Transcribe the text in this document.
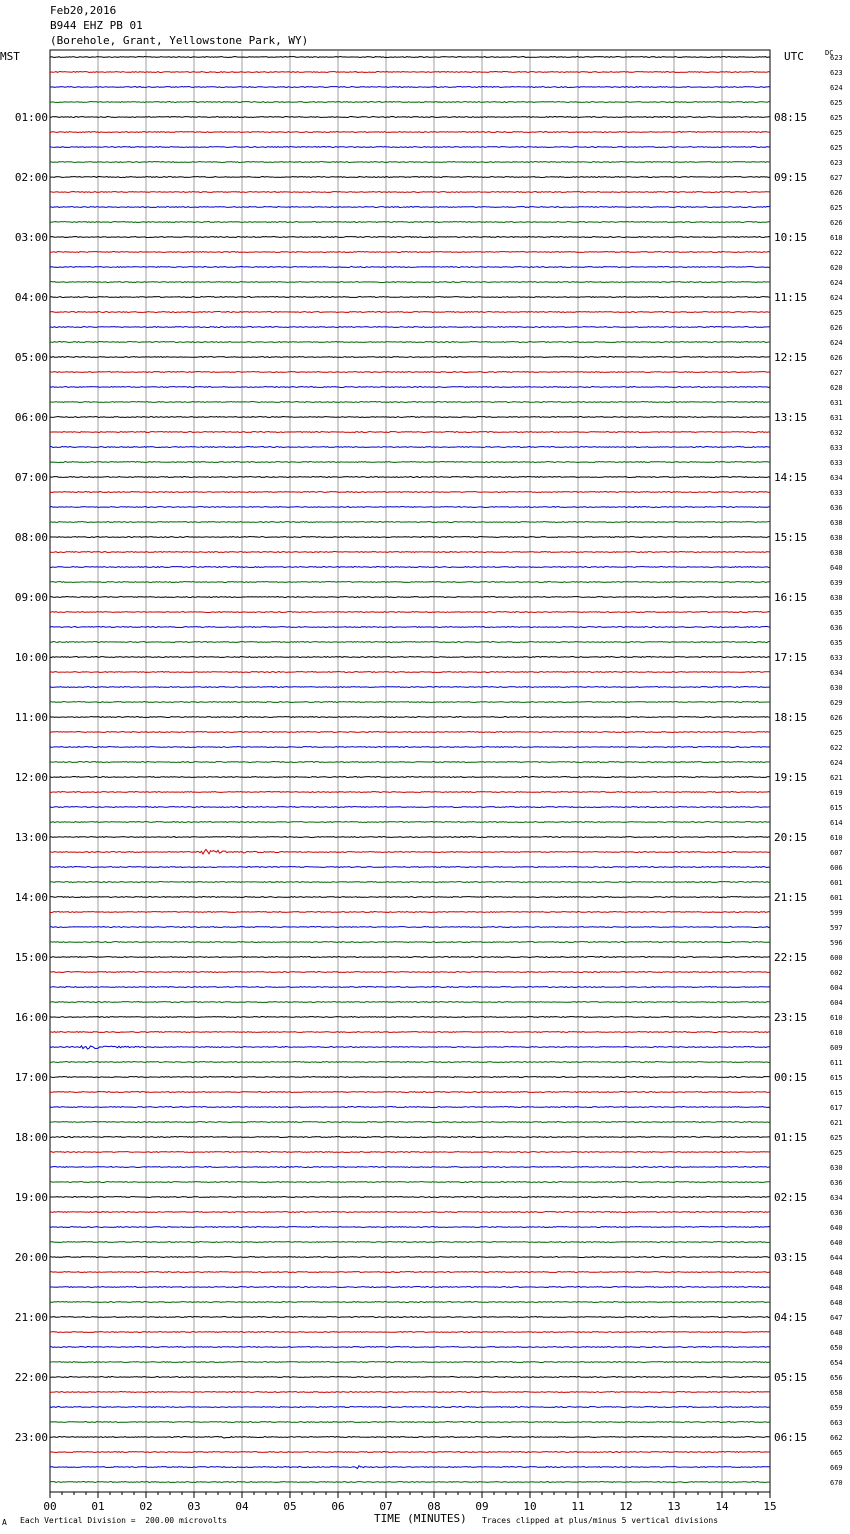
Feb20,2016
B944 EHZ PB 01
(Borehole, Grant, Yellowstone Park, WY)
MST	UTC	DC
623
623
624
625
01:00	08:15	625
625
625
623
02:00	09:15	627
626
625
626
03:00	10:15	618
622
620
624
04:00	11:15	624
625
626
624
05:00	12:15	626
627
628
631
06:00	13:15	631
632
633
633
07:00	14:15	634
633
636
638
08:00	15:15	638
638
640
639
09:00	16:15	638
635
636
635
10:00	17:15	633
634
630
629
11:00	18:15	626
625
622
624
12:00	19:15	621
619
615
614
13:00	20:15	610
607
606
601
14:00	21:15	601
599
597
596
15:00	22:15	600
602
604
604
16:00	23:15	610
610
609
611
17:00	00:15	615
615
617
621
18:00	01:15	625
625
630
636
19:00	02:15	634
636
640
640
20:00	03:15	644
648
648
648
21:00	04:15	647
648
650
654
22:00	05:15	656
658
659
663
23:00	06:15	662
665
669
670
00	01	02	03	04	05	06	07	08	09	10	11	12	13	14	15
TIME (MINUTES)
A Each Vertical Division =  200.00 microvolts	Traces clipped at plus/minus 5 vertical divisions
